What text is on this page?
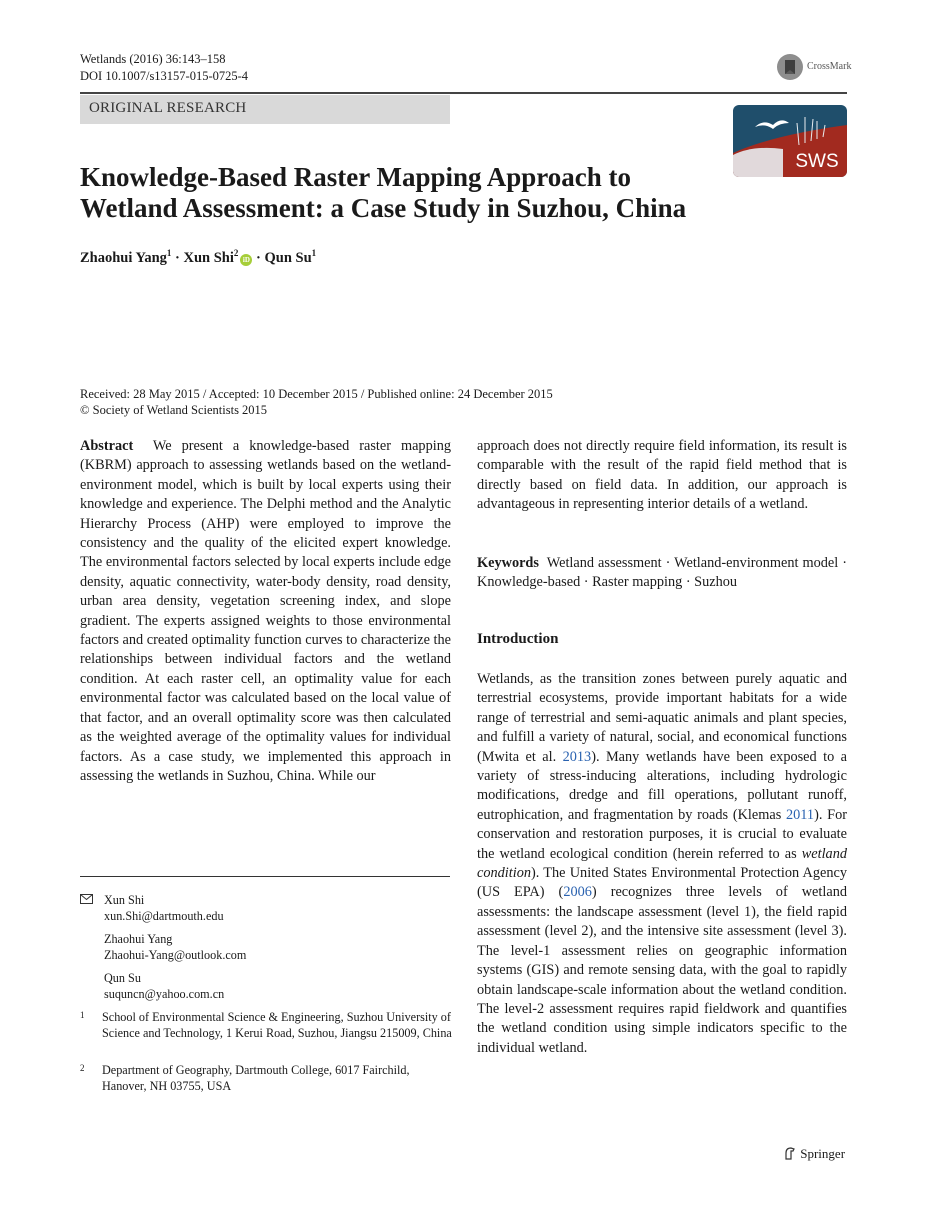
Wetlands (2016) 36:143–158
DOI 10.1007/s13157-015-0725-4
CrossMark
ORIGINAL RESEARCH
SWS
Knowledge-Based Raster Mapping Approach to Wetland Assessment: a Case Study in Suzhou, China
Zhaohui Yang$^1$ · Xun Shi$^2$iD · Qun Su$^1$
Received: 28 May 2015 / Accepted: 10 December 2015 / Published online: 24 December 2015
© Society of Wetland Scientists 2015

Abstract We present a knowledge-based raster mapping (KBRM) approach to assessing wetlands based on the wetland-environment model, which is built by local experts using their knowledge and experience. The Delphi method and the Analytic Hierarchy Process (AHP) were employed to improve the consistency and the quality of the elicited expert knowledge. The environmental factors selected by local experts include edge density, aquatic connectivity, water-body density, road density, urban area density, vegetation screening index, and slope gradient. The experts assigned weights to those environmental factors and created optimality function curves to characterize the relationships between individual factors and the wetland condition. At each raster cell, an optimality value for each environmental factor was calculated based on the local value of that factor, and an overall optimality score was then calculated as the weighted average of the optimality values for individual factors. As a case study, we implemented this approach in assessing the wetlands in Suzhou, China. While our

approach does not directly require field information, its result is comparable with the result of the rapid field method that is directly based on field data. In addition, our approach is advantageous in representing interior details of a wetland.

Keywords Wetland assessment · Wetland-environment model · Knowledge-based · Raster mapping · Suzhou

Introduction

Wetlands, as the transition zones between purely aquatic and terrestrial ecosystems, provide important habitats for a wide range of terrestrial and semi-aquatic animals and plant species, and fulfill a variety of natural, social, and economical functions (Mwita et al. 2013). Many wetlands have been exposed to a variety of stress-inducing alterations, including hydrologic modifications, dredge and fill operations, pollutant runoff, eutrophication, and fragmentation by roads (Klemas 2011). For conservation and restoration purposes, it is crucial to evaluate the wetland ecological condition (herein referred to as wetland condition). The United States Environmental Protection Agency (US EPA) (2006) recognizes three levels of wetland assessments: the landscape assessment (level 1), the field rapid assessment (level 2), and the intensive site assessment (level 3). The level-1 assessment relies on geographic information systems (GIS) and remote sensing data, with the goal to rapidly obtain landscape-scale information about the wetland condition. The level-2 assessment requires rapid fieldwork and quantifies the wetland condition using simple indicators specific to the individual wetland.

Xun Shi
xun.Shi@dartmouth.edu
Zhaohui Yang
Zhaohui-Yang@outlook.com
Qun Su
suquncn@yahoo.com.cn
1 School of Environmental Science & Engineering, Suzhou University of Science and Technology, 1 Kerui Road, Suzhou, Jiangsu 215009, China
2 Department of Geography, Dartmouth College, 6017 Fairchild, Hanover, NH 03755, USA
Springer
